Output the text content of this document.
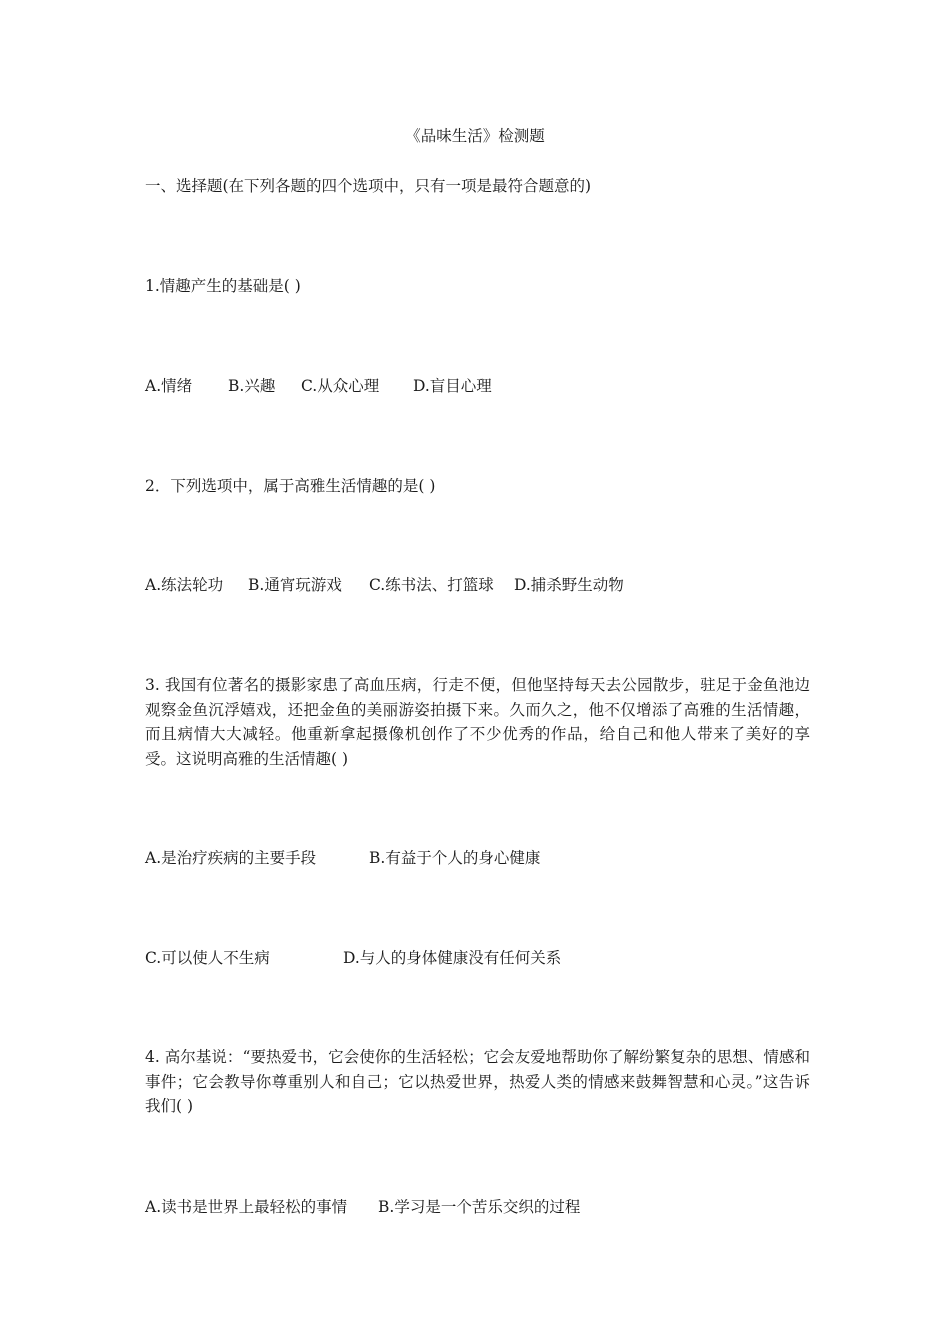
《品味生活》检测题
一、选择题(在下列各题的四个选项中，只有一项是最符合题意的)
1.情趣产生的基础是( )
A.情绪 B.兴趣 C.从众心理 D.盲目心理
2．下列选项中，属于高雅生活情趣的是( )
A.练法轮功 B.通宵玩游戏 C.练书法、打篮球 D.捕杀野生动物
3. 我国有位著名的摄影家患了高血压病，行走不便，但他坚持每天去公园散步，驻足于金鱼池边观察金鱼沉浮嬉戏，还把金鱼的美丽游姿拍摄下来。久而久之，他不仅增添了高雅的生活情趣，而且病情大大减轻。他重新拿起摄像机创作了不少优秀的作品，给自己和他人带来了美好的享受。这说明高雅的生活情趣( )
A.是治疗疾病的主要手段	B.有益于个人的身心健康
C.可以使人不生病	D.与人的身体健康没有任何关系
4. 高尔基说：“要热爱书，它会使你的生活轻松；它会友爱地帮助你了解纷繁复杂的思想、情感和事件；它会教导你尊重别人和自己；它以热爱世界，热爱人类的情感来鼓舞智慧和心灵。”这告诉我们( )
A.读书是世界上最轻松的事情 B.学习是一个苦乐交织的过程
